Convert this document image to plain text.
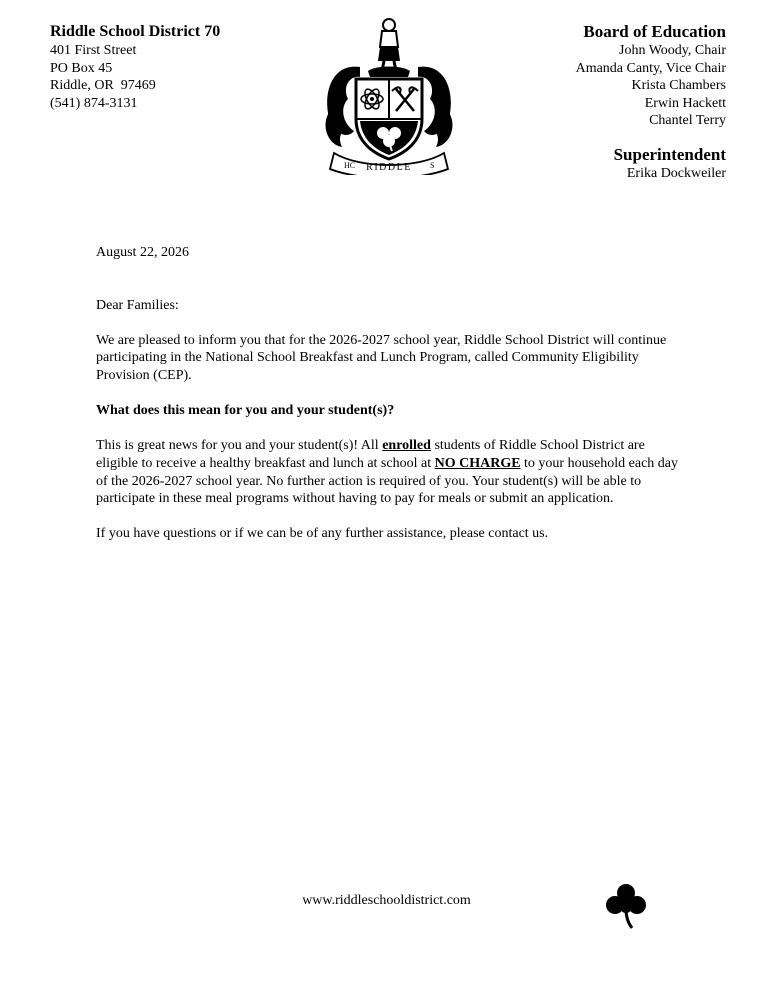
Riddle School District 70
401 First Street
PO Box 45
Riddle, OR  97469
(541) 874-3131
RIDDLE
HC	S
Board of Education
John Woody, Chair
Amanda Canty, Vice Chair
Krista Chambers
Erwin Hackett
Chantel Terry
Superintendent
Erika Dockweiler

August 22, 2026

Dear Families:

We are pleased to inform you that for the 2026-2027 school year, Riddle School District will continue participating in the National School Breakfast and Lunch Program, called Community Eligibility Provision (CEP).

What does this mean for you and your student(s)?

This is great news for you and your student(s)! All enrolled students of Riddle School District are eligible to receive a healthy breakfast and lunch at school at NO CHARGE to your household each day of the 2026-2027 school year. No further action is required of you. Your student(s) will be able to participate in these meal programs without having to pay for meals or submit an application.

If you have questions or if we can be of any further assistance, please contact us.

www.riddleschooldistrict.com
